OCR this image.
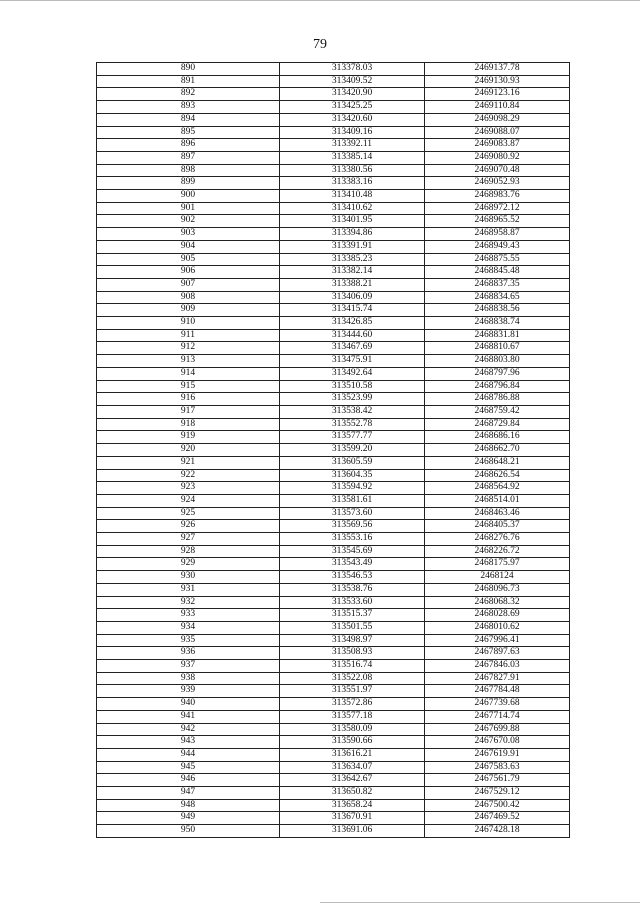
79
890	313378.03	2469137.78
891	313409.52	2469130.93
892	313420.90	2469123.16
893	313425.25	2469110.84
894	313420.60	2469098.29
895	313409.16	2469088.07
896	313392.11	2469083.87
897	313385.14	2469080.92
898	313380.56	2469070.48
899	313383.16	2469052.93
900	313410.48	2468983.76
901	313410.62	2468972.12
902	313401.95	2468965.52
903	313394.86	2468958.87
904	313391.91	2468949.43
905	313385.23	2468875.55
906	313382.14	2468845.48
907	313388.21	2468837.35
908	313406.09	2468834.65
909	313415.74	2468838.56
910	313426.85	2468838.74
911	313444.60	2468831.81
912	313467.69	2468810.67
913	313475.91	2468803.80
914	313492.64	2468797.96
915	313510.58	2468796.84
916	313523.99	2468786.88
917	313538.42	2468759.42
918	313552.78	2468729.84
919	313577.77	2468686.16
920	313599.20	2468662.70
921	313605.59	2468648.21
922	313604.35	2468626.54
923	313594.92	2468564.92
924	313581.61	2468514.01
925	313573.60	2468463.46
926	313569.56	2468405.37
927	313553.16	2468276.76
928	313545.69	2468226.72
929	313543.49	2468175.97
930	313546.53	2468124
931	313538.76	2468096.73
932	313533.60	2468068.32
933	313515.37	2468028.69
934	313501.55	2468010.62
935	313498.97	2467996.41
936	313508.93	2467897.63
937	313516.74	2467846.03
938	313522.08	2467827.91
939	313551.97	2467784.48
940	313572.86	2467739.68
941	313577.18	2467714.74
942	313580.09	2467699.88
943	313590.66	2467670.08
944	313616.21	2467619.91
945	313634.07	2467583.63
946	313642.67	2467561.79
947	313650.82	2467529.12
948	313658.24	2467500.42
949	313670.91	2467469.52
950	313691.06	2467428.18
